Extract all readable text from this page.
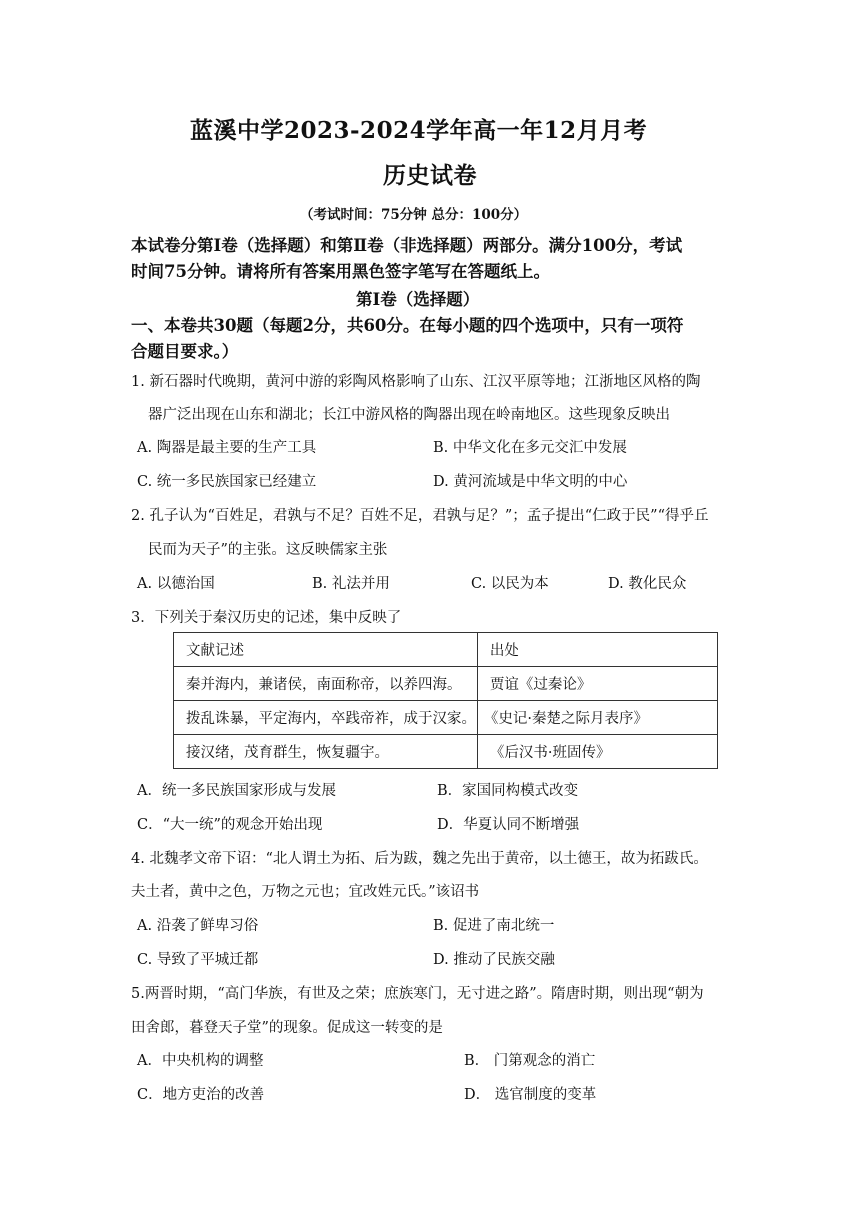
蓝溪中学2023-2024学年高一年12月月考
历史试卷
（考试时间：75分钟 总分：100分）
本试卷分第Ⅰ卷（选择题）和第Ⅱ卷（非选择题）两部分。满分100分，考试
时间75分钟。请将所有答案用黑色签字笔写在答题纸上。
第Ⅰ卷（选择题）
一、本卷共30题（每题2分，共60分。在每小题的四个选项中，只有一项符
合题目要求。）
1. 新石器时代晚期，黄河中游的彩陶风格影响了山东、江汉平原等地；江浙地区风格的陶
器广泛出现在山东和湖北；长江中游风格的陶器出现在岭南地区。这些现象反映出
A. 陶器是最主要的生产工具	B. 中华文化在多元交汇中发展
C. 统一多民族国家已经建立	D. 黄河流域是中华文明的中心
2. 孔子认为“百姓足，君孰与不足？百姓不足，君孰与足？”；孟子提出“仁政于民”“得乎丘
民而为天子”的主张。这反映儒家主张
A. 以德治国	B. 礼法并用	C. 以民为本	D. 教化民众
3．下列关于秦汉历史的记述，集中反映了
文献记述	出处
秦并海内，兼诸侯，南面称帝，以养四海。	贾谊《过秦论》
拨乱诛暴，平定海内，卒践帝祚，成于汉家。	《史记·秦楚之际月表序》
接汉绪，茂育群生，恢复疆宇。	《后汉书·班固传》
A．统一多民族国家形成与发展	B．家国同构模式改变
C．“大一统”的观念开始出现	D．华夏认同不断增强
4. 北魏孝文帝下诏：“北人谓土为拓、后为跋，魏之先出于黄帝，以土德王，故为拓跋氏。
夫土者，黄中之色，万物之元也；宜改姓元氏。”该诏书
A. 沿袭了鲜卑习俗	B. 促进了南北统一
C. 导致了平城迁都	D. 推动了民族交融
5.两晋时期，“高门华族，有世及之荣；庶族寒门，无寸进之路”。隋唐时期，则出现“朝为
田舍郎，暮登天子堂”的现象。促成这一转变的是
A．中央机构的调整	B． 门第观念的消亡
C．地方吏治的改善	D． 选官制度的变革
